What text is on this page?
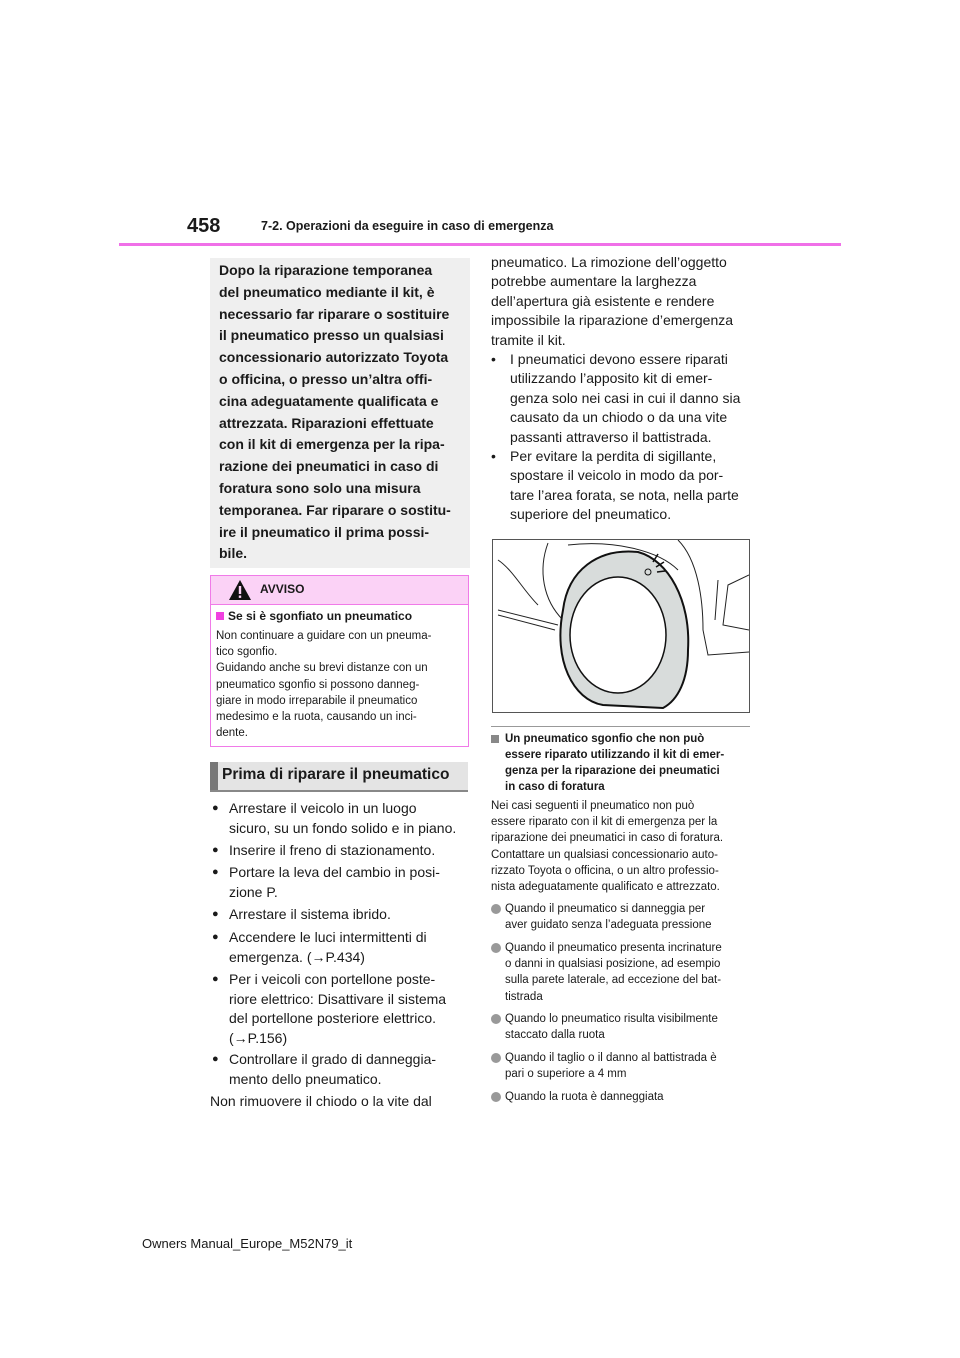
458	7-2. Operazioni da eseguire in caso di emergenza
Dopo la riparazione temporanea
del pneumatico mediante il kit, è
necessario far riparare o sostituire
il pneumatico presso un qualsiasi
concessionario autorizzato Toyota
o officina, o presso un’altra offi-
cina adeguatamente qualificata e
attrezzata. Riparazioni effettuate
con il kit di emergenza per la ripa-
razione dei pneumatici in caso di
foratura sono solo una misura
temporanea. Far riparare o sostitu-
ire il pneumatico il prima possi-
bile.
AVVISO
Se si è sgonfiato un pneumatico
Non continuare a guidare con un pneuma-
tico sgonfio.
Guidando anche su brevi distanze con un
pneumatico sgonfio si possono danneg-
giare in modo irreparabile il pneumatico
medesimo e la ruota, causando un inci-
dente.
Prima di riparare il pneumatico
● Arrestare il veicolo in un luogo
sicuro, su un fondo solido e in piano.
● Inserire il freno di stazionamento.
● Portare la leva del cambio in posi-
zione P.
● Arrestare il sistema ibrido.
● Accendere le luci intermittenti di
emergenza. (→P.434)
● Per i veicoli con portellone poste-
riore elettrico: Disattivare il sistema
del portellone posteriore elettrico.
(→P.156)
● Controllare il grado di danneggia-
mento dello pneumatico.
Non rimuovere il chiodo o la vite dal
pneumatico. La rimozione dell’oggetto
potrebbe aumentare la larghezza
dell’apertura già esistente e rendere
impossibile la riparazione d’emergenza
tramite il kit.
• I pneumatici devono essere riparati
utilizzando l’apposito kit di emer-
genza solo nei casi in cui il danno sia
causato da un chiodo o da una vite
passanti attraverso il battistrada.
• Per evitare la perdita di sigillante,
spostare il veicolo in modo da por-
tare l’area forata, se nota, nella parte
superiore del pneumatico.
Un pneumatico sgonfio che non può
essere riparato utilizzando il kit di emer-
genza per la riparazione dei pneumatici
in caso di foratura
Nei casi seguenti il pneumatico non può
essere riparato con il kit di emergenza per la
riparazione dei pneumatici in caso di foratura.
Contattare un qualsiasi concessionario auto-
rizzato Toyota o officina, o un altro professio-
nista adeguatamente qualificato e attrezzato.
Quando il pneumatico si danneggia per
aver guidato senza l’adeguata pressione
Quando il pneumatico presenta incrinature
o danni in qualsiasi posizione, ad esempio
sulla parete laterale, ad eccezione del bat-
tistrada
Quando lo pneumatico risulta visibilmente
staccato dalla ruota
Quando il taglio o il danno al battistrada è
pari o superiore a 4 mm
Quando la ruota è danneggiata
Owners Manual_Europe_M52N79_it
